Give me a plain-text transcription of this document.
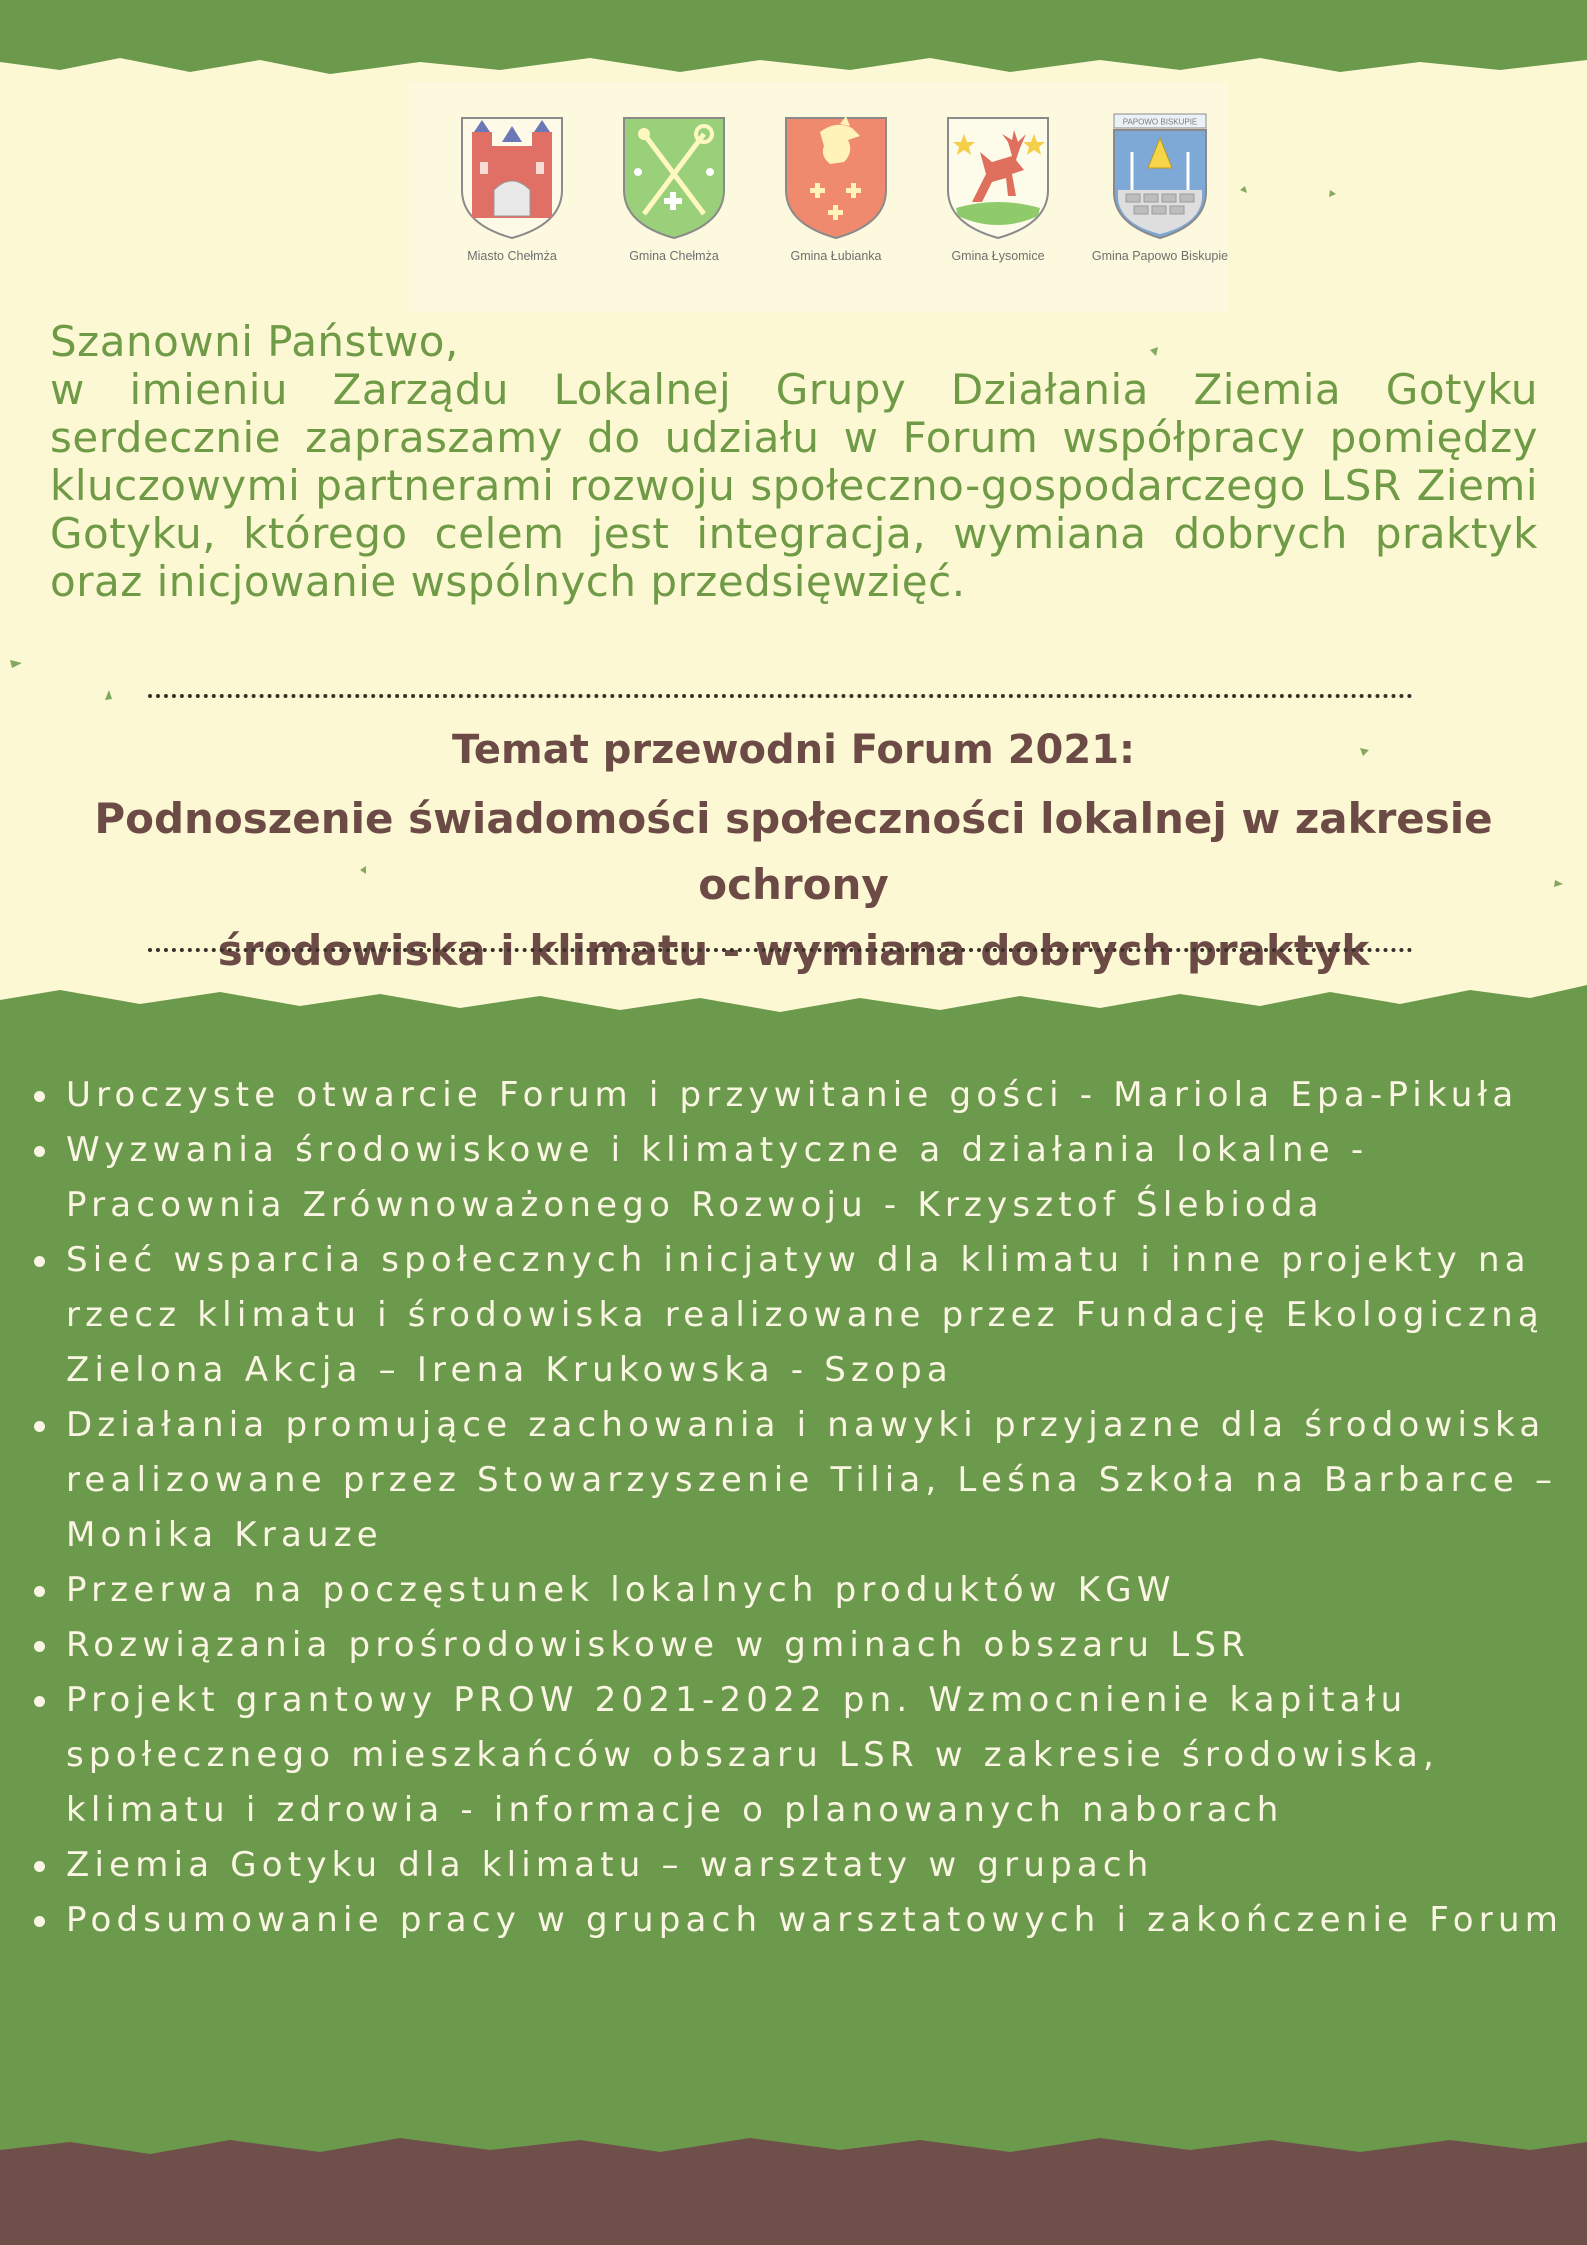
Miasto Chełmża	Gmina Chełmża	Gmina Łubianka	Gmina Łysomice
PAPOWO BISKUPIE
Gmina Papowo Biskupie
Szanowni Państwo,
w imieniu Zarządu Lokalnej Grupy Działania Ziemia Gotyku serdecznie zapraszamy do udziału w Forum współpracy pomiędzy kluczowymi partnerami rozwoju społeczno-gospodarczego LSR Ziemi Gotyku, którego celem jest integracja, wymiana dobrych praktyk oraz inicjowanie wspólnych przedsięwzięć.
Temat przewodni Forum 2021:
Podnoszenie świadomości społeczności lokalnej w zakresie ochrony
środowiska i klimatu - wymiana dobrych praktyk
Uroczyste otwarcie Forum i przywitanie gości - Mariola Epa-Pikuła
Wyzwania środowiskowe i klimatyczne a działania lokalne - Pracownia Zrównoważonego Rozwoju - Krzysztof Ślebioda
Sieć wsparcia społecznych inicjatyw dla klimatu i inne projekty na rzecz klimatu i środowiska realizowane przez Fundację Ekologiczną Zielona Akcja – Irena Krukowska - Szopa
Działania promujące zachowania i nawyki przyjazne dla środowiska realizowane przez Stowarzyszenie Tilia, Leśna Szkoła na Barbarce – Monika Krauze
Przerwa na poczęstunek lokalnych produktów KGW
Rozwiązania prośrodowiskowe w gminach obszaru LSR
Projekt grantowy PROW 2021-2022 pn. Wzmocnienie kapitału społecznego mieszkańców obszaru LSR w zakresie środowiska, klimatu i zdrowia - informacje o planowanych naborach
Ziemia Gotyku dla klimatu – warsztaty w grupach
Podsumowanie pracy w grupach warsztatowych i zakończenie Forum
